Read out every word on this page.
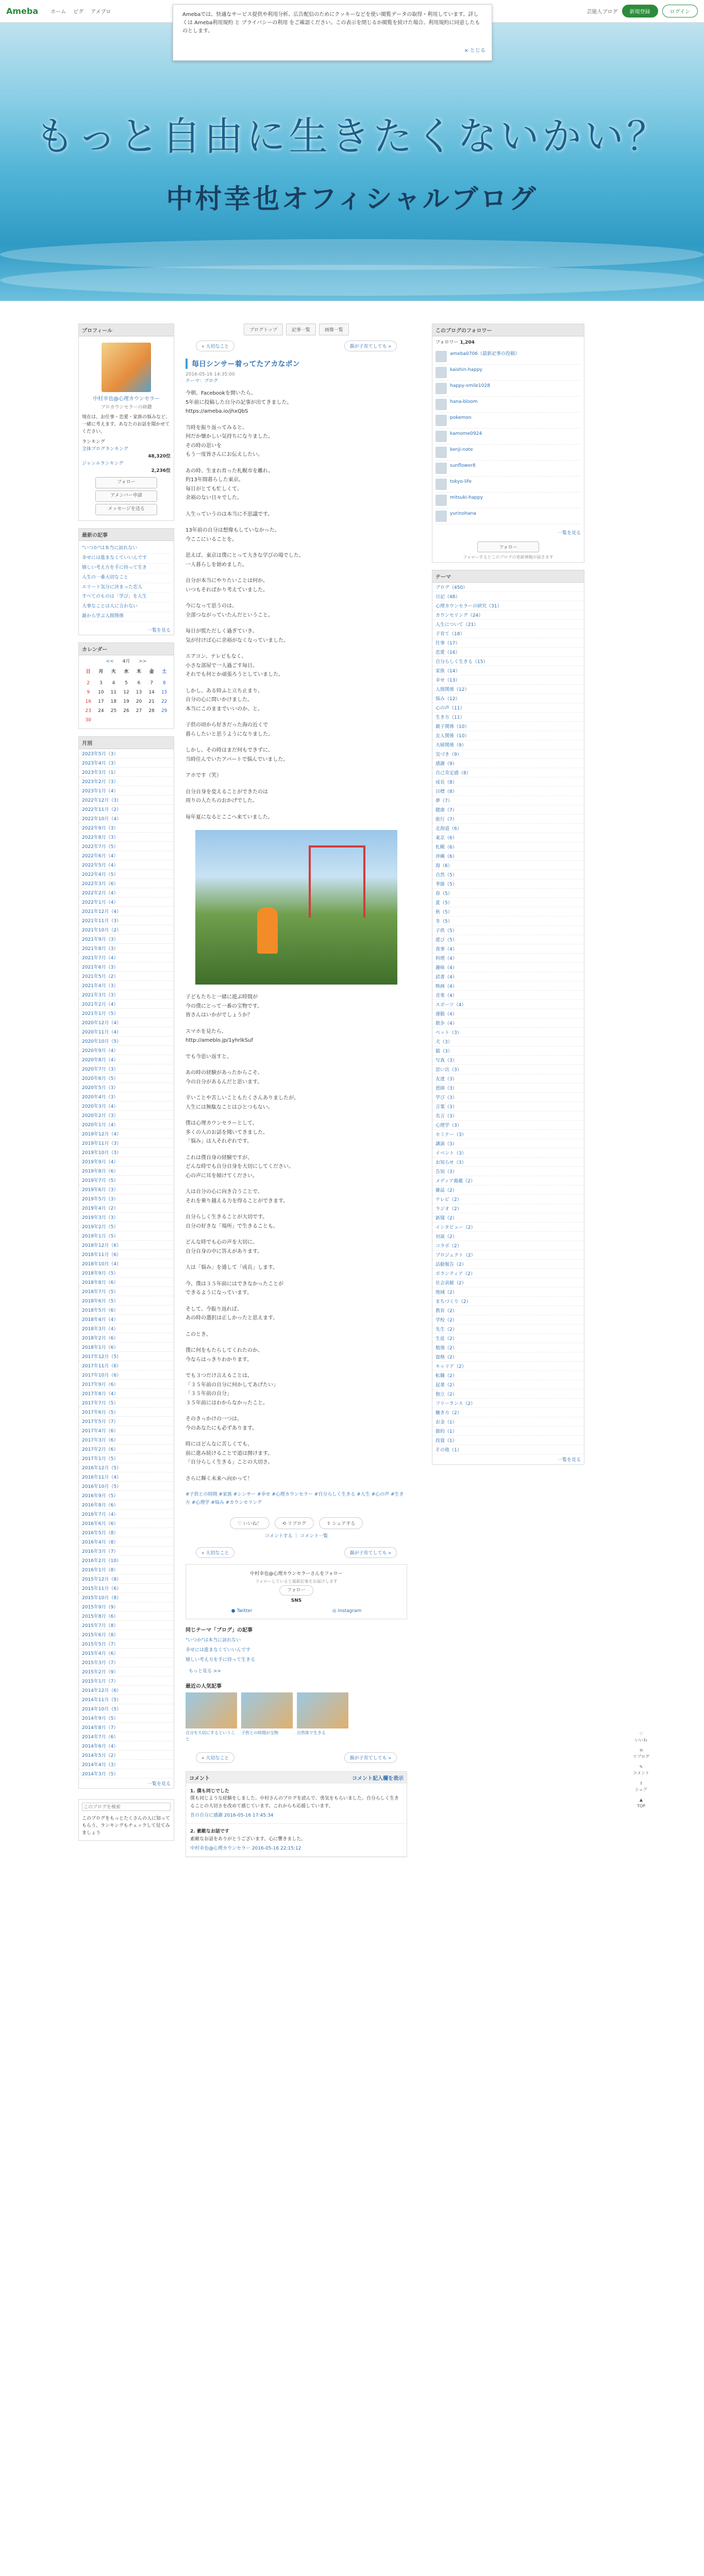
Ameba ホーム ピグ アメブロ	芸能人ブログ	新規登録	ログイン
Amebaでは、快適なサービス提供や利用分析、広告配信のためにクッキーなどを使い閲覧データの取得・利用しています。詳しくは Ameba利用規約 と プライバシーの利用 をご確認ください。この表示を閉じるか閲覧を続けた場合、利用規約に同意したものとします。
× とじる
もっと自由に生きたくないかい？
中村幸也オフィシャルブログ
プロフィール
中村幸也@心理カウンセラー
プロカウンセラーの研鑽
現在は、お仕事・恋愛・家族の悩みなど、一緒に考えます。あなたのお話を聞かせてください。
ランキング
全体ブログランキング
48,320位
ジャンルランキング
2,236位
フォロー
アメンバー申請
メッセージを送る
最新の記事
"いつか"は本当に訪れない
幸せには進まなくていいんです
嬉しい考え方を手に持って生き
人生の一番大切なこと
エリート気分に決まった恋人
すべてのものは「学び」を人生
大事なことは人に言わない
親から学ぶ人間関係
一覧を見る
カレンダー
<< 4月 >>
日	月	火	水	木	金	土

2	3	4	5	6	7	8
9	10	11	12	13	14	15
16	17	18	19	20	21	22
23	24	25	26	27	28	29
30						
月別
2023年5月（3）
2023年4月（3）
2023年3月（1）
2023年2月（3）
2023年1月（4）
2022年12月（3）
2022年11月（2）
2022年10月（4）
2022年9月（3）
2022年8月（3）
2022年7月（5）
2022年6月（4）
2022年5月（4）
2022年4月（5）
2022年3月（6）
2022年2月（4）
2022年1月（4）
2021年12月（4）
2021年11月（3）
2021年10月（2）
2021年9月（3）
2021年8月（3）
2021年7月（4）
2021年6月（3）
2021年5月（2）
2021年4月（3）
2021年3月（3）
2021年2月（4）
2021年1月（5）
2020年12月（4）
2020年11月（4）
2020年10月（5）
2020年9月（4）
2020年8月（4）
2020年7月（3）
2020年6月（5）
2020年5月（3）
2020年4月（3）
2020年3月（4）
2020年2月（3）
2020年1月（4）
2019年12月（4）
2019年11月（3）
2019年10月（3）
2019年9月（4）
2019年8月（6）
2019年7月（5）
2019年6月（3）
2019年5月（3）
2019年4月（2）
2019年3月（3）
2019年2月（5）
2019年1月（5）
2018年12月（6）
2018年11月（6）
2018年10月（4）
2018年9月（5）
2018年8月（6）
2018年7月（5）
2018年6月（5）
2018年5月（6）
2018年4月（4）
2018年3月（4）
2018年2月（6）
2018年1月（6）
2017年12月（5）
2017年11月（6）
2017年10月（6）
2017年9月（6）
2017年8月（4）
2017年7月（5）
2017年6月（5）
2017年5月（7）
2017年4月（6）
2017年3月（6）
2017年2月（6）
2017年1月（5）
2016年12月（5）
2016年11月（4）
2016年10月（5）
2016年9月（5）
2016年8月（6）
2016年7月（4）
2016年6月（6）
2016年5月（8）
2016年4月（8）
2016年3月（7）
2016年2月（10）
2016年1月（8）
2015年12月（8）
2015年11月（6）
2015年10月（8）
2015年9月（9）
2015年8月（6）
2015年7月（8）
2015年6月（8）
2015年5月（7）
2015年4月（6）
2015年3月（7）
2015年2月（9）
2015年1月（7）
2014年12月（6）
2014年11月（5）
2014年10月（5）
2014年9月（5）
2014年8月（7）
2014年7月（6）
2014年6月（4）
2014年5月（2）
2014年4月（3）
2014年3月（5）
一覧を見る
このブログを検索
このブログをもっとたくさんの人に知ってもらう、ランキングもチェックして見てみましょう
ブログトップ	記事一覧	画像一覧
« 大切なこと	親が子育てしても »
毎日シンサー着ってたアカなポン
2016-05-16 14:35:00
テーマ：ブログ

今朝、Facebookを開いたら、
5年前に投稿した自分の記事が出てきました。
https://ameba.io/jhxQbS

当時を振り返ってみると、
何だか懐かしい気持ちになりました。
その時の思いを
もう一度皆さんにお伝えしたい。

あの時、生まれ育った札幌市を離れ、
約13年間暮らした東京。
毎日がとても忙しくて、
余裕のない日々でした。

人生っていうのは本当に不思議です。

13年前の自分は想像もしていなかった。
今ここにいることを。

思えば、東京は僕にとって大きな学びの場でした。
一人暮らしを始めました。

自分が本当にやりたいことは何か、
いつもそればかり考えていました。

今になって思うのは、
全部つながっていたんだということ。

毎日が慌ただしく過ぎていき、
気が付けば心に余裕がなくなっていました。

エアコン、テレビもなく、
小さな部屋で一人過ごす毎日。
それでも何とか頑張ろうとしていました。

しかし、ある時ふと立ち止まり、
自分の心に問いかけました。
本当にこのままでいいのか、と。

子供の頃から好きだった海の近くで
暮らしたいと思うようになりました。

しかし、その時はまだ何もできずに、
当時住んでいたアパートで悩んでいました。

アホです（笑）

自分自身を変えることができたのは
周りの人たちのおかげでした。

毎年夏になるとここへ来ていました。

子どもたちと一緒に遊ぶ時間が
今の僕にとって一番の宝物です。
皆さんはいかがでしょうか？

スマホを見たら、
http://ameblo.jp/1yhrlkSuf

でも今思い返すと、

あの時の経験があったからこそ、
今の自分があるんだと思います。

辛いことや苦しいこともたくさんありましたが、
人生には無駄なことはひとつもない。

僕は心理カウンセラーとして、
多くの人のお話を聞いてきました。
「悩み」は人それぞれです。

これは僕自身の経験ですが、
どんな時でも自分自身を大切にしてください。
心の声に耳を傾けてください。

人は自分の心に向き合うことで、
それを乗り越える力を得ることができます。

自分らしく生きることが大切です。
自分の好きな「場所」で生きることも。

どんな時でも心の声を大切に。
自分自身の中に答えがあります。

人は「悩み」を通して「成長」します。

今、僕は３５年前にはできなかったことが
できるようになっています。

そして、今振り返れば、
あの時の選択は正しかったと思えます。

このとき。

僕に何をもたらしてくれたのか、
今ならはっきりわかります。

でも３つだけ言えることは、
「３５年前の自分に何かしてあげたい」
「３５年前の自分」
３５年前にはわからなかったこと。

そのきっかけの一つは、
今のあなたにも必ずあります。

時にはどんなに苦しくても、
前に進み続けることで道は開けます。
「自分らしく生きる」ことの大切さ。

さらに輝く未来へ向かって！

#子供との時間 #家族 #シンサー #幸せ #心理カウンセラー #自分らしく生きる #人生 #心の声 #生き方 #心理学 #悩み #カウンセリング
♡ いいね！	⟲ リブログ	⇪ シェアする
コメントする ｜ コメント一覧
« 大切なこと	親が子育てしても »
中村幸也@心理カウンセラーさんをフォロー
フォローしていると最新記事をお届けします
フォロー
SNS
● Twitter	◎ Instagram
同じテーマ「ブログ」の記事
"いつか"は本当に訪れない
幸せには進まなくていいんです
嬉しい考え方を手に持って生きる
もっと見る >>
最近の人気記事
自分を大切にするということ
子供との時間が宝物	自然体で生きる
« 大切なこと	親が子育てしても »
コメント	コメント記入欄を表示
1. 僕も同じでした
僕も同じような経験をしました。中村さんのブログを読んで、勇気をもらいました。自分らしく生きることの大切さを改めて感じています。これからも応援しています。
昔の自分に感謝 2016-05-16 17:45:34
2. 素敵なお話です
素敵なお話をありがとうございます。心に響きました。
中村幸也@心理カウンセラー 2016-05-16 22:15:12
このブログのフォロワー
フォロワー 1,204
ameba0706（最新記事の投稿）
kaishin-happy
happy-smile1028
hana-bloom
pokemon
kamome0924
kenji-note
sunflower8
tokyo-life
mitsuki-happy
yurinohana
一覧を見る
フォロー
フォローするとこのブログの更新情報が届きます
テーマ
ブログ（450）
日記（48）
心理カウンセラーの研究（31）
カウンセリング（24）
人生について（21）
子育て（18）
仕事（17）
恋愛（16）
自分らしく生きる（15）
家族（14）
幸せ（13）
人間関係（12）
悩み（12）
心の声（11）
生き方（11）
親子関係（10）
友人関係（10）
夫婦関係（9）
気づき（9）
感謝（9）
自己肯定感（8）
成長（8）
目標（8）
夢（7）
健康（7）
旅行（7）
北海道（6）
東京（6）
札幌（6）
沖縄（6）
海（6）
自然（5）
季節（5）
春（5）
夏（5）
秋（5）
冬（5）
子供（5）
遊び（5）
食事（4）
料理（4）
趣味（4）
読書（4）
映画（4）
音楽（4）
スポーツ（4）
運動（4）
散歩（4）
ペット（3）
犬（3）
猫（3）
写真（3）
思い出（3）
友達（3）
恩師（3）
学び（3）
言葉（3）
名言（3）
心理学（3）
セミナー（3）
講演（3）
イベント（3）
お知らせ（3）
告知（3）
メディア掲載（2）
雑誌（2）
テレビ（2）
ラジオ（2）
新聞（2）
インタビュー（2）
対談（2）
コラボ（2）
プロジェクト（2）
活動報告（2）
ボランティア（2）
社会貢献（2）
地域（2）
まちづくり（2）
教育（2）
学校（2）
先生（2）
生徒（2）
勉強（2）
資格（2）
キャリア（2）
転職（2）
起業（2）
独立（2）
フリーランス（2）
働き方（2）
お金（1）
節約（1）
投資（1）
その他（1）
一覧を見る
♡
いいね
⟲
リブログ
✎
コメント
⇪
シェア
▲
TOP
